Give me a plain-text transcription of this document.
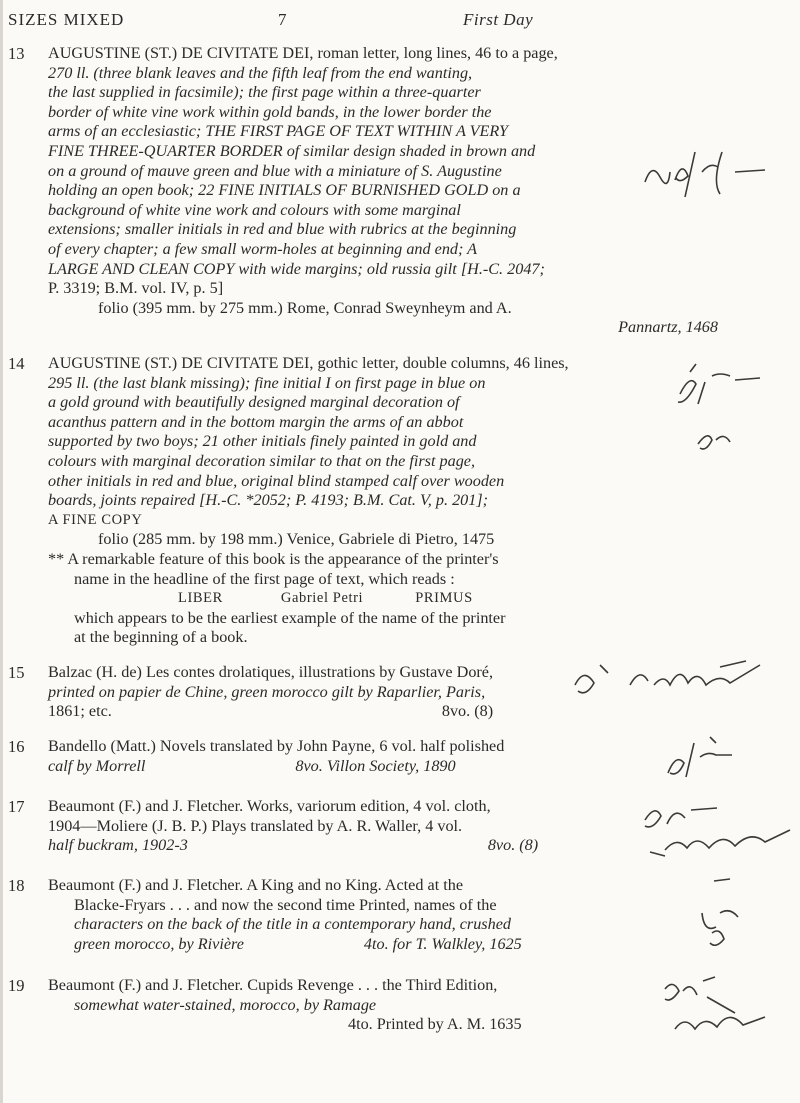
SIZES MIXED	7	First Day
13	AUGUSTINE (ST.) DE CIVITATE DEI, roman letter, long lines, 46 to a page,
270 ll. (three blank leaves and the fifth leaf from the end wanting,
the last supplied in facsimile); the first page within a three-quarter
border of white vine work within gold bands, in the lower border the
arms of an ecclesiastic; THE FIRST PAGE OF TEXT WITHIN A VERY
FINE THREE-QUARTER BORDER of similar design shaded in brown and
on a ground of mauve green and blue with a miniature of S. Augustine
holding an open book; 22 FINE INITIALS OF BURNISHED GOLD on a
background of white vine work and colours with some marginal
extensions; smaller initials in red and blue with rubrics at the beginning
of every chapter; a few small worm-holes at beginning and end; A
LARGE AND CLEAN COPY with wide margins; old russia gilt [H.-C. 2047;
P. 3319; B.M. vol. IV, p. 5]
folio (395 mm. by 275 mm.) Rome, Conrad Sweynheym and A.
Pannartz, 1468
14	AUGUSTINE (ST.) DE CIVITATE DEI, gothic letter, double columns, 46 lines,
295 ll. (the last blank missing); fine initial I on first page in blue on
a gold ground with beautifully designed marginal decoration of
acanthus pattern and in the bottom margin the arms of an abbot
supported by two boys; 21 other initials finely painted in gold and
colours with marginal decoration similar to that on the first page,
other initials in red and blue, original blind stamped calf over wooden
boards, joints repaired [H.-C. *2052; P. 4193; B.M. Cat. V, p. 201];
A FINE COPY
folio (285 mm. by 198 mm.) Venice, Gabriele di Pietro, 1475
** A remarkable feature of this book is the appearance of the printer's
name in the headline of the first page of text, which reads :
LIBER	Gabriel Petri	PRIMUS
which appears to be the earliest example of the name of the printer
at the beginning of a book.
15	Balzac (H. de) Les contes drolatiques, illustrations by Gustave Doré,
printed on papier de Chine, green morocco gilt by Raparlier, Paris,
1861; etc.	8vo. (8)
16	Bandello (Matt.) Novels translated by John Payne, 6 vol. half polished
calf by Morrell	8vo. Villon Society, 1890
17	Beaumont (F.) and J. Fletcher. Works, variorum edition, 4 vol. cloth,
1904—Moliere (J. B. P.) Plays translated by A. R. Waller, 4 vol.
half buckram, 1902-3	8vo. (8)
18	Beaumont (F.) and J. Fletcher. A King and no King. Acted at the
Blacke-Fryars . . . and now the second time Printed, names of the
characters on the back of the title in a contemporary hand, crushed
green morocco, by Rivière	4to. for T. Walkley, 1625
19	Beaumont (F.) and J. Fletcher. Cupids Revenge . . . the Third Edition,
somewhat water-stained, morocco, by Ramage
4to. Printed by A. M. 1635
